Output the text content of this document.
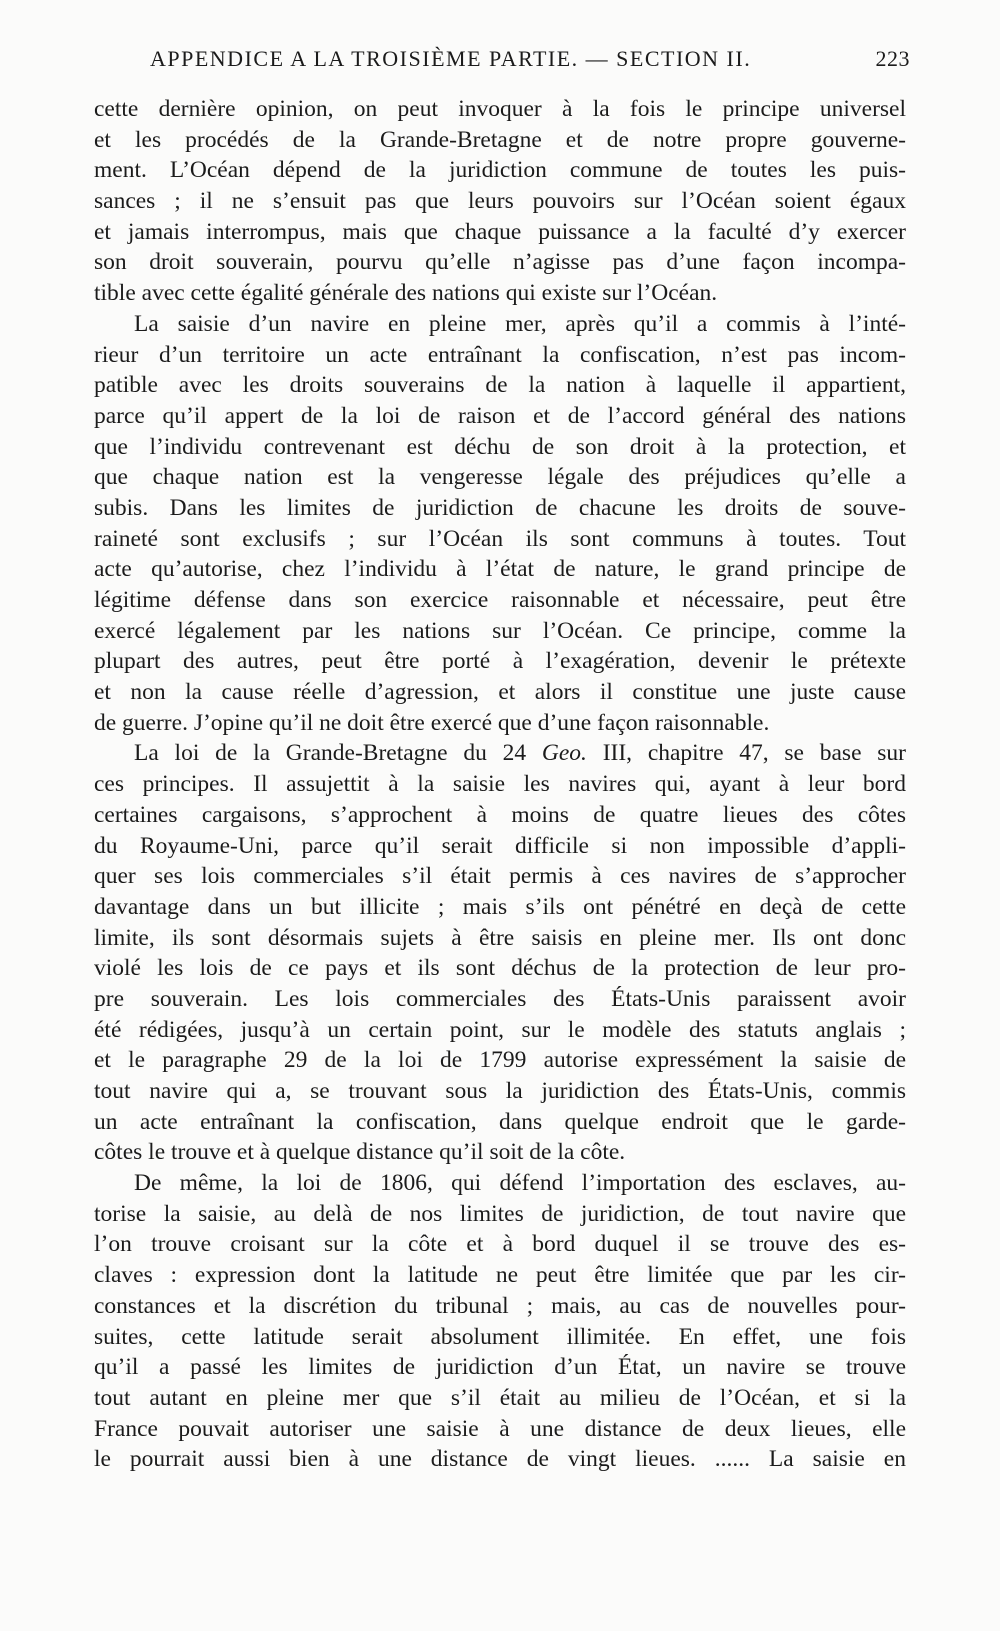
APPENDICE A LA TROISIÈME PARTIE. — SECTION II.	223
cette dernière opinion, on peut invoquer à la fois le principe universel
et les procédés de la Grande-Bretagne et de notre propre gouverne-
ment. L’Océan dépend de la juridiction commune de toutes les puis-
sances ; il ne s’ensuit pas que leurs pouvoirs sur l’Océan soient égaux
et jamais interrompus, mais que chaque puissance a la faculté d’y exercer
son droit souverain, pourvu qu’elle n’agisse pas d’une façon incompa-
tible avec cette égalité générale des nations qui existe sur l’Océan.
La saisie d’un navire en pleine mer, après qu’il a commis à l’inté-
rieur d’un territoire un acte entraînant la confiscation, n’est pas incom-
patible avec les droits souverains de la nation à laquelle il appartient,
parce qu’il appert de la loi de raison et de l’accord général des nations
que l’individu contrevenant est déchu de son droit à la protection, et
que chaque nation est la vengeresse légale des préjudices qu’elle a
subis. Dans les limites de juridiction de chacune les droits de souve-
raineté sont exclusifs ; sur l’Océan ils sont communs à toutes. Tout
acte qu’autorise, chez l’individu à l’état de nature, le grand principe de
légitime défense dans son exercice raisonnable et nécessaire, peut être
exercé légalement par les nations sur l’Océan. Ce principe, comme la
plupart des autres, peut être porté à l’exagération, devenir le prétexte
et non la cause réelle d’agression, et alors il constitue une juste cause
de guerre. J’opine qu’il ne doit être exercé que d’une façon raisonnable.
La loi de la Grande-Bretagne du 24 Geo. III, chapitre 47, se base sur
ces principes. Il assujettit à la saisie les navires qui, ayant à leur bord
certaines cargaisons, s’approchent à moins de quatre lieues des côtes
du Royaume-Uni, parce qu’il serait difficile si non impossible d’appli-
quer ses lois commerciales s’il était permis à ces navires de s’approcher
davantage dans un but illicite ; mais s’ils ont pénétré en deçà de cette
limite, ils sont désormais sujets à être saisis en pleine mer. Ils ont donc
violé les lois de ce pays et ils sont déchus de la protection de leur pro-
pre souverain. Les lois commerciales des États-Unis paraissent avoir
été rédigées, jusqu’à un certain point, sur le modèle des statuts anglais ;
et le paragraphe 29 de la loi de 1799 autorise expressément la saisie de
tout navire qui a, se trouvant sous la juridiction des États-Unis, commis
un acte entraînant la confiscation, dans quelque endroit que le garde-
côtes le trouve et à quelque distance qu’il soit de la côte.
De même, la loi de 1806, qui défend l’importation des esclaves, au-
torise la saisie, au delà de nos limites de juridiction, de tout navire que
l’on trouve croisant sur la côte et à bord duquel il se trouve des es-
claves : expression dont la latitude ne peut être limitée que par les cir-
constances et la discrétion du tribunal ; mais, au cas de nouvelles pour-
suites, cette latitude serait absolument illimitée. En effet, une fois
qu’il a passé les limites de juridiction d’un État, un navire se trouve
tout autant en pleine mer que s’il était au milieu de l’Océan, et si la
France pouvait autoriser une saisie à une distance de deux lieues, elle
le pourrait aussi bien à une distance de vingt lieues. ...... La saisie en
